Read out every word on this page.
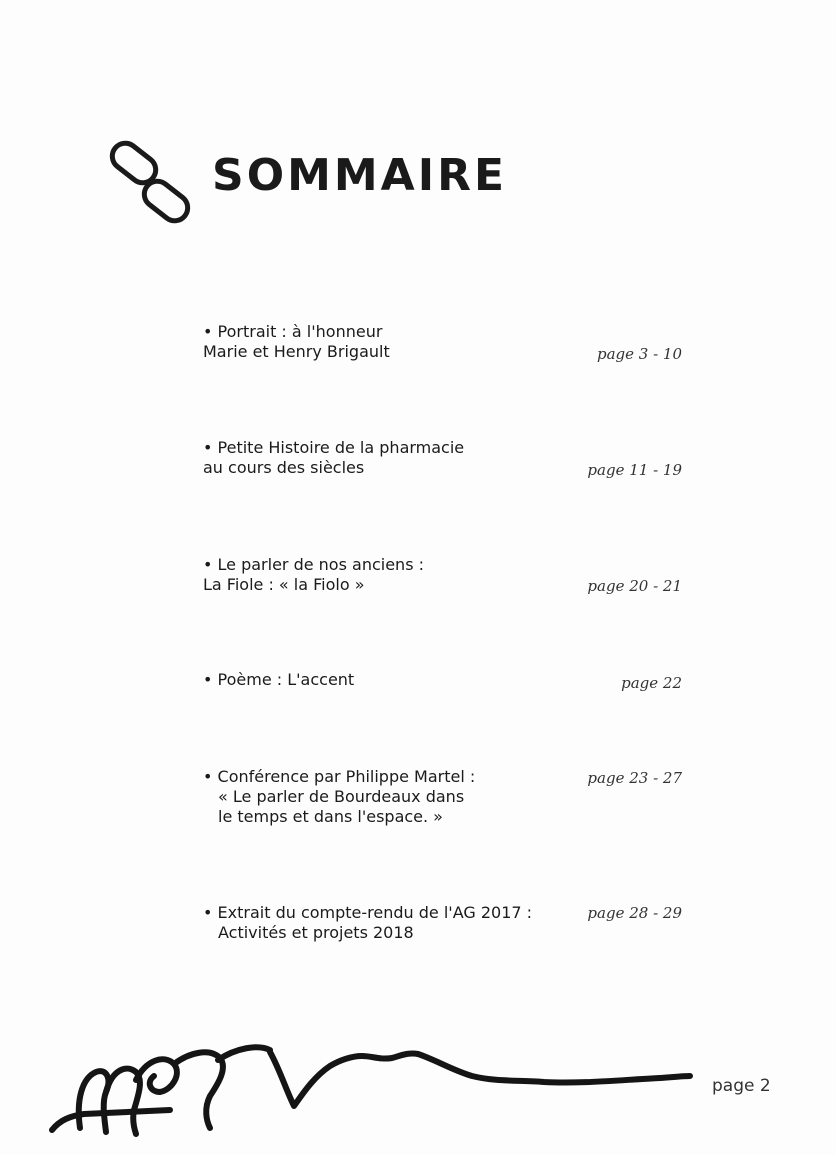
SOMMAIRE
• Portrait : à l'honneur
Marie et Henry Brigault	page 3 - 10
• Petite Histoire de la pharmacie
au cours des siècles	page 11 - 19
• Le parler de nos anciens :
La Fiole : « la Fiolo »	page 20 - 21
• Poème : L'accent	page 22
• Conférence par Philippe Martel :
« Le parler de Bourdeaux dans
le temps et dans l'espace. »
page 23 - 27
• Extrait du compte-rendu de l'AG 2017 :
Activités et projets 2018
page 28 - 29
page 2
